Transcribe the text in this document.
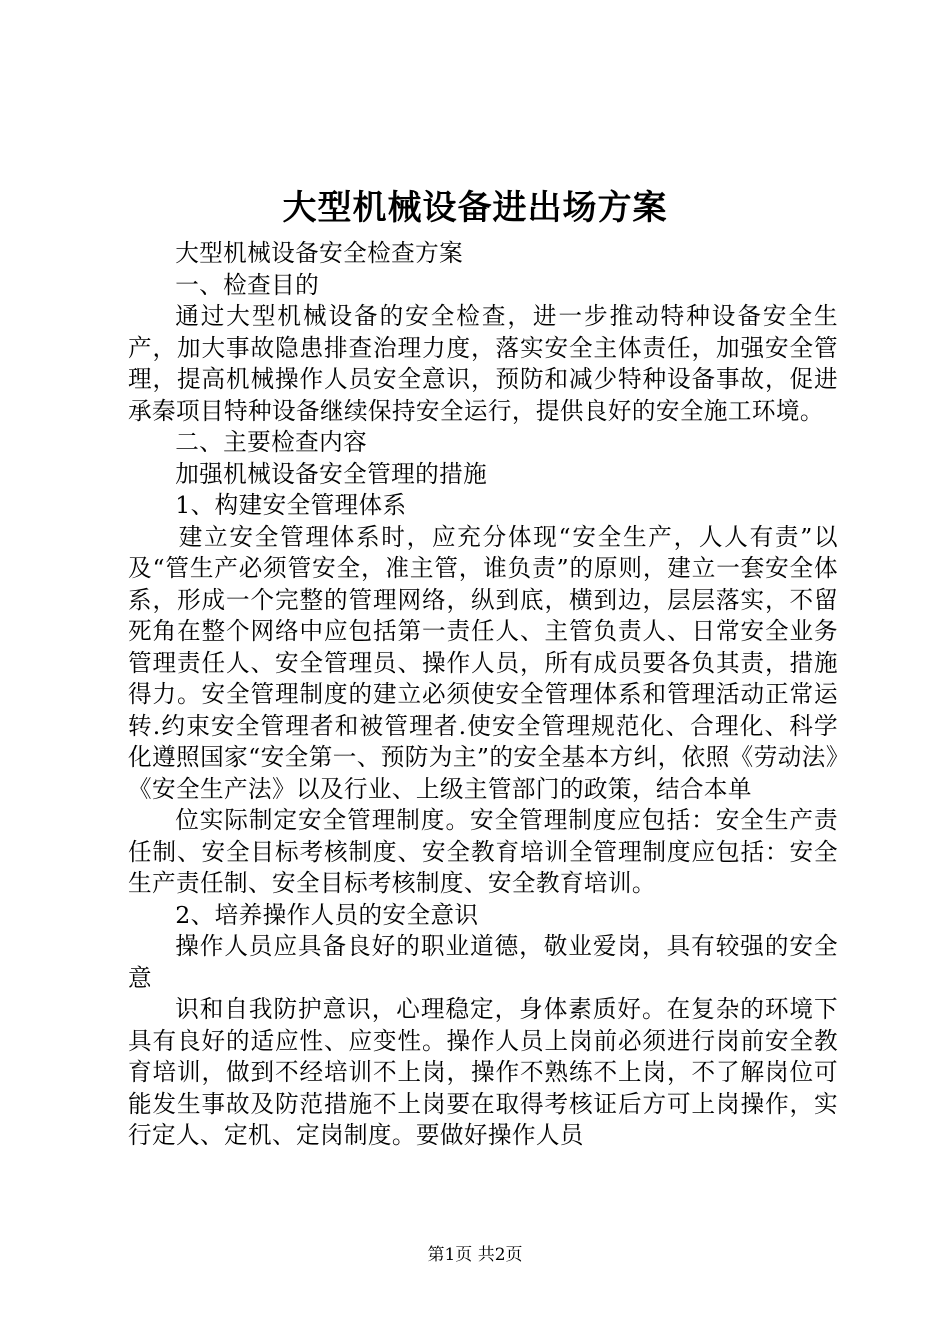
大型机械设备进出场方案

大型机械设备安全检查方案

一、检查目的

通过大型机械设备的安全检查，进一步推动特种设备安全生产，加大事故隐患排查治理力度，落实安全主体责任，加强安全管理，提高机械操作人员安全意识，预防和减少特种设备事故，促进承秦项目特种设备继续保持安全运行，提供良好的安全施工环境。

二、主要检查内容

加强机械设备安全管理的措施

1、构建安全管理体系

建立安全管理体系时，应充分体现“安全生产，人人有责”以及“管生产必须管安全，准主管，谁负责”的原则，建立一套安全体系，形成一个完整的管理网络，纵到底，横到边，层层落实，不留死角在整个网络中应包括第一责任人、主管负责人、日常安全业务管理责任人、安全管理员、操作人员，所有成员要各负其责，措施得力。安全管理制度的建立必须使安全管理体系和管理活动正常运转.约束安全管理者和被管理者.使安全管理规范化、合理化、科学化遵照国家“安全第一、预防为主”的安全基本方纠，依照《劳动法》《安全生产法》以及行业、上级主管部门的政策，结合本单

位实际制定安全管理制度。安全管理制度应包括：安全生产责任制、安全目标考核制度、安全教育培训全管理制度应包括：安全生产责任制、安全目标考核制度、安全教育培训。

2、培养操作人员的安全意识

操作人员应具备良好的职业道德，敬业爱岗，具有较强的安全意

识和自我防护意识，心理稳定，身体素质好。在复杂的环境下具有良好的适应性、应变性。操作人员上岗前必须进行岗前安全教育培训，做到不经培训不上岗，操作不熟练不上岗，不了解岗位可能发生事故及防范措施不上岗要在取得考核证后方可上岗操作，实行定人、定机、定岗制度。要做好操作人员

第1页 共2页
